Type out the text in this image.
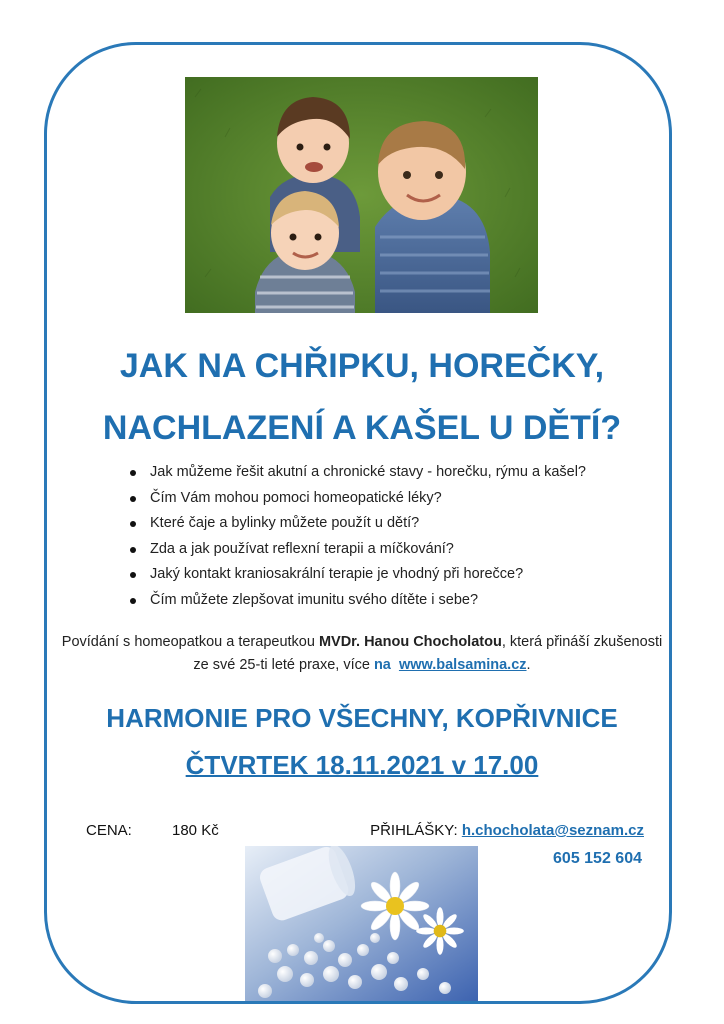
JAK NA CHŘIPKU, HOREČKY,
NACHLAZENÍ A KAŠEL U DĚTÍ?
Jak můžeme řešit akutní a chronické stavy - horečku, rýmu a kašel?
Čím Vám mohou pomoci homeopatické léky?
Které čaje a bylinky můžete použít u dětí?
Zda a jak používat reflexní terapii a míčkování?
Jaký kontakt kraniosakrální terapie je vhodný při horečce?
Čím můžete zlepšovat imunitu svého dítěte i sebe?

Povídání s homeopatkou a terapeutkou MVDr. Hanou Chocholatou, která přináší zkušenosti ze své 25-ti leté praxe, více na www.balsamina.cz.

HARMONIE PRO VŠECHNY, KOPŘIVNICE
ČTVRTEK 18.11.2021 v 17.00
CENA:	180 Kč	PŘIHLÁŠKY: h.chocholata@seznam.cz
605 152 604
